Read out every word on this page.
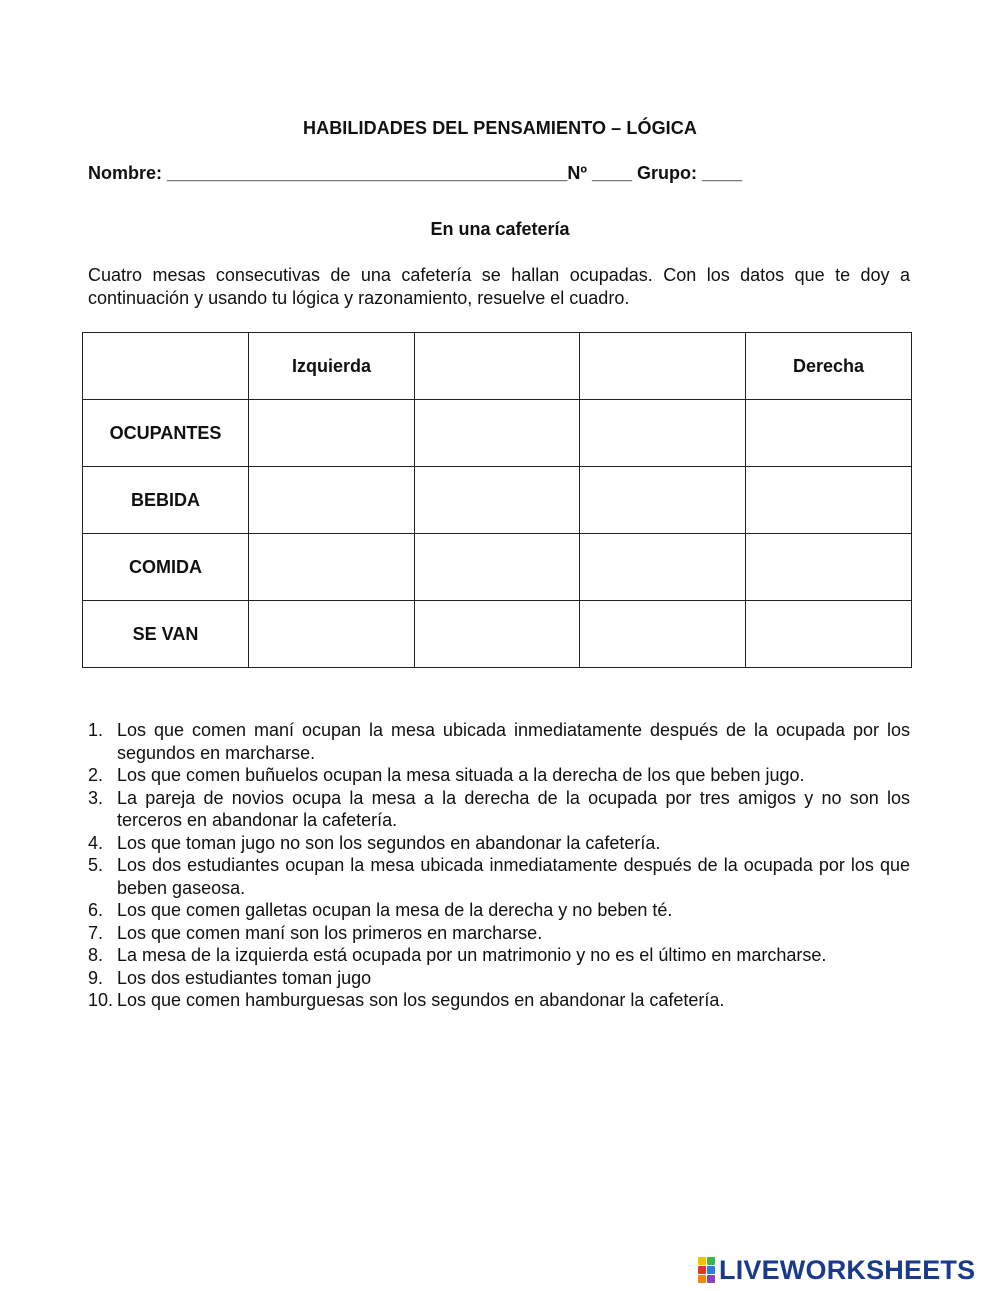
HABILIDADES DEL PENSAMIENTO – LÓGICA
Nombre: ________________________________________Nº ____ Grupo: ____
En una cafetería
Cuatro mesas consecutivas de una cafetería se hallan ocupadas. Con los datos que te doy a continuación y usando tu lógica y razonamiento, resuelve el cuadro.
	Izquierda			Derecha
OCUPANTES				
BEBIDA				
COMIDA				
SE VAN				
1. Los que comen maní ocupan la mesa ubicada inmediatamente después de la ocupada por los segundos en marcharse.
2. Los que comen buñuelos ocupan la mesa situada a la derecha de los que beben jugo.
3. La pareja de novios ocupa la mesa a la derecha de la ocupada por tres amigos y no son los terceros en abandonar la cafetería.
4. Los que toman jugo no son los segundos en abandonar la cafetería.
5. Los dos estudiantes ocupan la mesa ubicada inmediatamente después de la ocupada por los que beben gaseosa.
6. Los que comen galletas ocupan la mesa de la derecha y no beben té.
7. Los que comen maní son los primeros en marcharse.
8. La mesa de la izquierda está ocupada por un matrimonio y no es el último en marcharse.
9. Los dos estudiantes toman jugo
10. Los que comen hamburguesas son los segundos en abandonar la cafetería.
LIVEWORKSHEETS
